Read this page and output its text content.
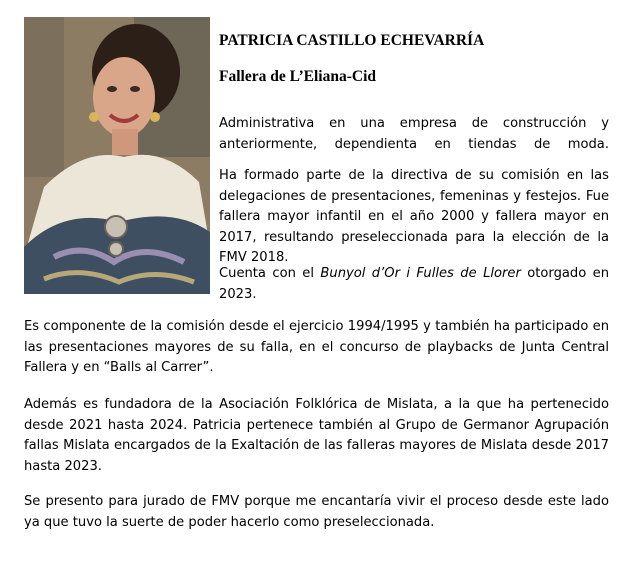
PATRICIA CASTILLO ECHEVARRÍA
Fallera de L’Eliana-Cid

Administrativa en una empresa de construcción y anteriormente, dependienta en tiendas de moda.

Ha formado parte de la directiva de su comisión en las delegaciones de presentaciones, femeninas y festejos. Fue fallera mayor infantil en el año 2000 y fallera mayor en 2017, resultando preseleccionada para la elección de la FMV 2018.

Cuenta con el Bunyol d’Or i Fulles de Llorer otorgado en 2023.

Es componente de la comisión desde el ejercicio 1994/1995 y también ha participado en las presentaciones mayores de su falla, en el concurso de playbacks de Junta Central Fallera y en “Balls al Carrer”.

Además es fundadora de la Asociación Folklórica de Mislata, a la que ha pertenecido desde 2021 hasta 2024. Patricia pertenece también al Grupo de Germanor Agrupación fallas Mislata encargados de la Exaltación de las falleras mayores de Mislata desde 2017 hasta 2023.

Se presento para jurado de FMV porque me encantaría vivir el proceso desde este lado ya que tuvo la suerte de poder hacerlo como preseleccionada.
